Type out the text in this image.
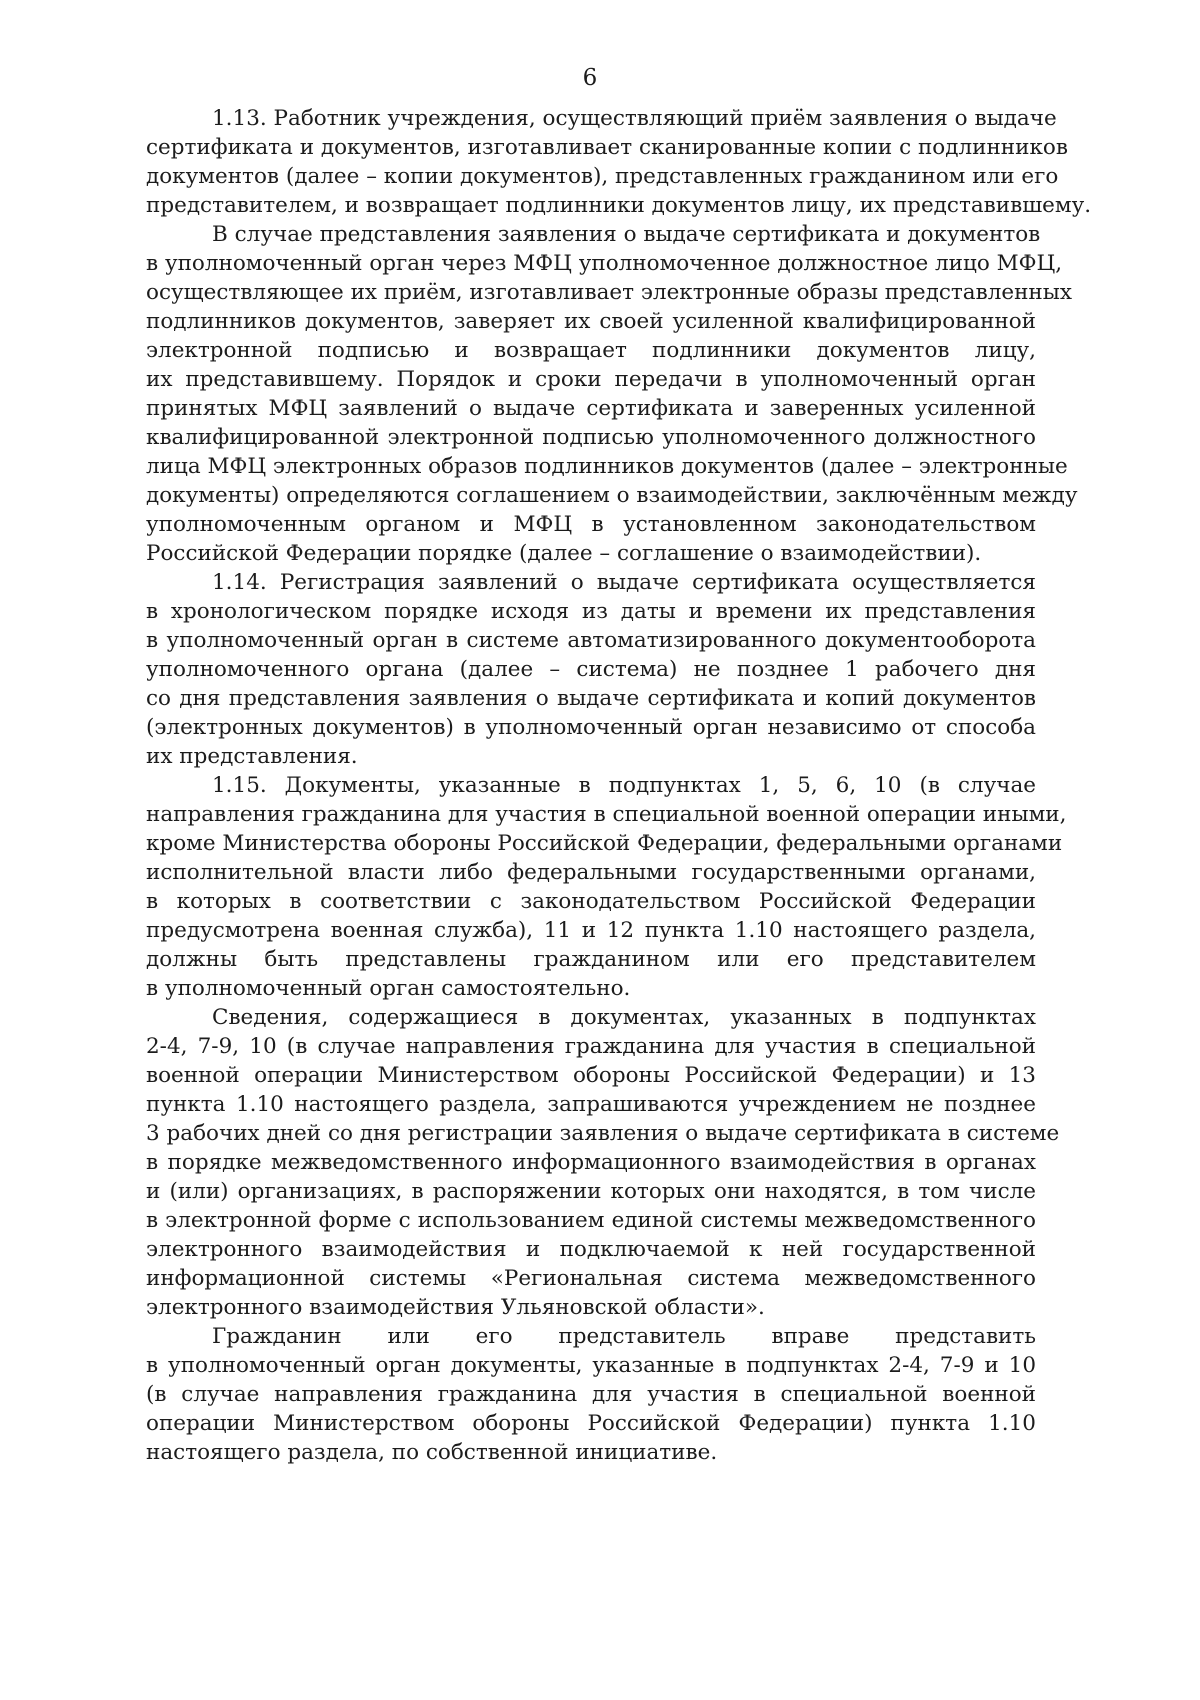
6
1.13. Работник учреждения, осуществляющий приём заявления о выдаче
сертификата и документов, изготавливает сканированные копии с подлинников
документов (далее – копии документов), представленных гражданином или его
представителем, и возвращает подлинники документов лицу, их представившему.
В случае представления заявления о выдаче сертификата и документов
в уполномоченный орган через МФЦ уполномоченное должностное лицо МФЦ,
осуществляющее их приём, изготавливает электронные образы представленных
подлинников документов, заверяет их своей усиленной квалифицированной
электронной подписью и возвращает подлинники документов лицу,
их представившему. Порядок и сроки передачи в уполномоченный орган
принятых МФЦ заявлений о выдаче сертификата и заверенных усиленной
квалифицированной электронной подписью уполномоченного должностного
лица МФЦ электронных образов подлинников документов (далее – электронные
документы) определяются соглашением о взаимодействии, заключённым между
уполномоченным органом и МФЦ в установленном законодательством
Российской Федерации порядке (далее – соглашение о взаимодействии).
1.14. Регистрация заявлений о выдаче сертификата осуществляется
в хронологическом порядке исходя из даты и времени их представления
в уполномоченный орган в системе автоматизированного документооборота
уполномоченного органа (далее – система) не позднее 1 рабочего дня
со дня представления заявления о выдаче сертификата и копий документов
(электронных документов) в уполномоченный орган независимо от способа
их представления.
1.15. Документы, указанные в подпунктах 1, 5, 6, 10 (в случае
направления гражданина для участия в специальной военной операции иными,
кроме Министерства обороны Российской Федерации, федеральными органами
исполнительной власти либо федеральными государственными органами,
в которых в соответствии с законодательством Российской Федерации
предусмотрена военная служба), 11 и 12 пункта 1.10 настоящего раздела,
должны быть представлены гражданином или его представителем
в уполномоченный орган самостоятельно.
Сведения, содержащиеся в документах, указанных в подпунктах
2-4, 7-9, 10 (в случае направления гражданина для участия в специальной
военной операции Министерством обороны Российской Федерации) и 13
пункта 1.10 настоящего раздела, запрашиваются учреждением не позднее
3 рабочих дней со дня регистрации заявления о выдаче сертификата в системе
в порядке межведомственного информационного взаимодействия в органах
и (или) организациях, в распоряжении которых они находятся, в том числе
в электронной форме с использованием единой системы межведомственного
электронного взаимодействия и подключаемой к ней государственной
информационной системы «Региональная система межведомственного
электронного взаимодействия Ульяновской области».
Гражданин или его представитель вправе представить
в уполномоченный орган документы, указанные в подпунктах 2-4, 7-9 и 10
(в случае направления гражданина для участия в специальной военной
операции Министерством обороны Российской Федерации) пункта 1.10
настоящего раздела, по собственной инициативе.
